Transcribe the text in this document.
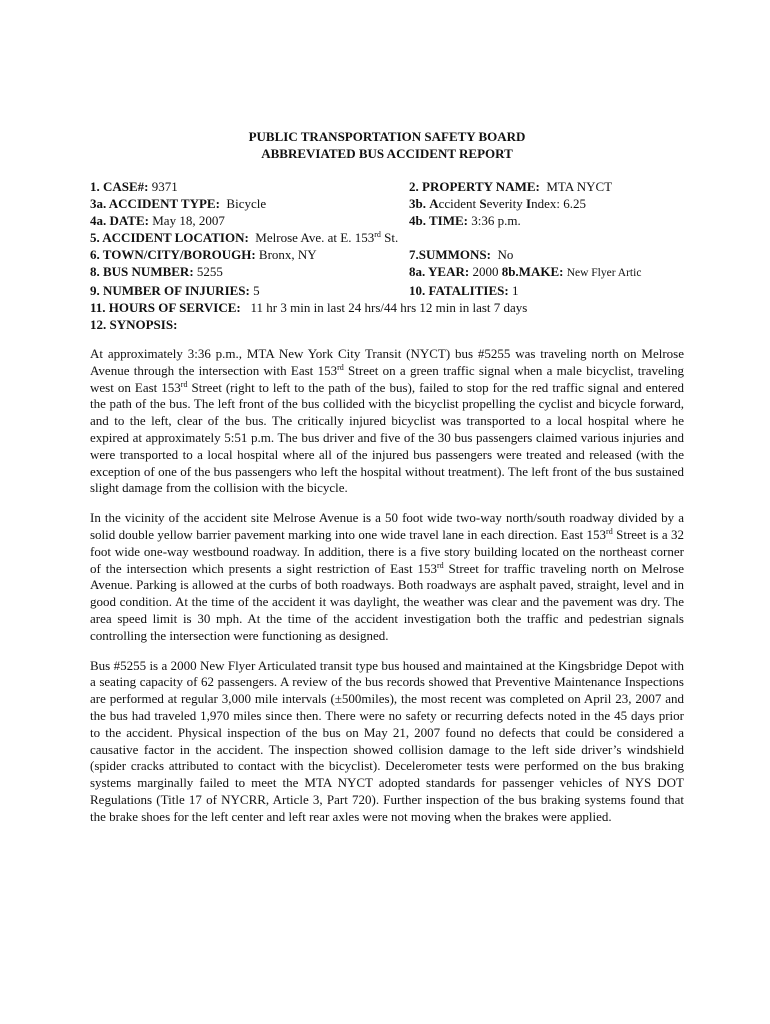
PUBLIC TRANSPORTATION SAFETY BOARD
ABBREVIATED BUS ACCIDENT REPORT
1. CASE#: 9371	2. PROPERTY NAME: MTA NYCT
3a. ACCIDENT TYPE: Bicycle	3b. Accident Severity Index: 6.25
4a. DATE: May 18, 2007	4b. TIME: 3:36 p.m.
5. ACCIDENT LOCATION: Melrose Ave. at E. 153rd St.
6. TOWN/CITY/BOROUGH: Bronx, NY	7.SUMMONS: No
8. BUS NUMBER: 5255	8a. YEAR: 2000 8b.MAKE: New Flyer Artic
9. NUMBER OF INJURIES: 5	10. FATALITIES: 1
11. HOURS OF SERVICE: 11 hr 3 min in last 24 hrs/44 hrs 12 min in last 7 days
12. SYNOPSIS:

At approximately 3:36 p.m., MTA New York City Transit (NYCT) bus #5255 was traveling north on Melrose Avenue through the intersection with East 153rd Street on a green traffic signal when a male bicyclist, traveling west on East 153rd Street (right to left to the path of the bus), failed to stop for the red traffic signal and entered the path of the bus. The left front of the bus collided with the bicyclist propelling the cyclist and bicycle forward, and to the left, clear of the bus. The critically injured bicyclist was transported to a local hospital where he expired at approximately 5:51 p.m. The bus driver and five of the 30 bus passengers claimed various injuries and were transported to a local hospital where all of the injured bus passengers were treated and released (with the exception of one of the bus passengers who left the hospital without treatment). The left front of the bus sustained slight damage from the collision with the bicycle.

In the vicinity of the accident site Melrose Avenue is a 50 foot wide two-way north/south roadway divided by a solid double yellow barrier pavement marking into one wide travel lane in each direction. East 153rd Street is a 32 foot wide one-way westbound roadway. In addition, there is a five story building located on the northeast corner of the intersection which presents a sight restriction of East 153rd Street for traffic traveling north on Melrose Avenue. Parking is allowed at the curbs of both roadways. Both roadways are asphalt paved, straight, level and in good condition. At the time of the accident it was daylight, the weather was clear and the pavement was dry. The area speed limit is 30 mph. At the time of the accident investigation both the traffic and pedestrian signals controlling the intersection were functioning as designed.

Bus #5255 is a 2000 New Flyer Articulated transit type bus housed and maintained at the Kingsbridge Depot with a seating capacity of 62 passengers. A review of the bus records showed that Preventive Maintenance Inspections are performed at regular 3,000 mile intervals (±500miles), the most recent was completed on April 23, 2007 and the bus had traveled 1,970 miles since then. There were no safety or recurring defects noted in the 45 days prior to the accident. Physical inspection of the bus on May 21, 2007 found no defects that could be considered a causative factor in the accident. The inspection showed collision damage to the left side driver’s windshield (spider cracks attributed to contact with the bicyclist). Decelerometer tests were performed on the bus braking systems marginally failed to meet the MTA NYCT adopted standards for passenger vehicles of NYS DOT Regulations (Title 17 of NYCRR, Article 3, Part 720). Further inspection of the bus braking systems found that the brake shoes for the left center and left rear axles were not moving when the brakes were applied.
